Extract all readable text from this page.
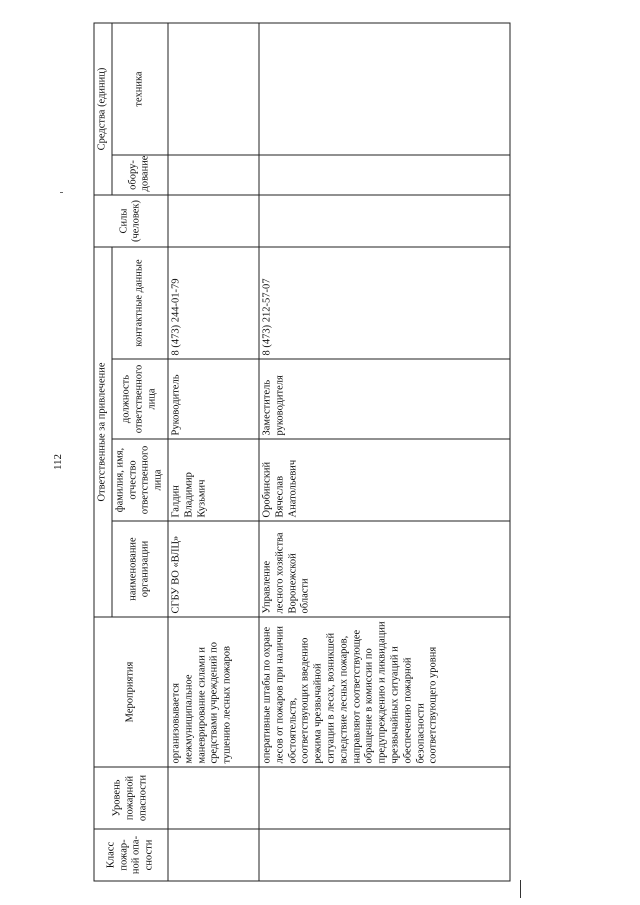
112
Класс пожар-ной опа-сности	Уровень пожарной опасности	Мероприятия	Ответственные за привлечение				Силы (человек)	Средства (единиц)	
			наименование организации	фамилия, имя, отчество ответственного лица	должность ответственного лица	контактные данные		обору-дование	техника
		организовывается межмуниципальное маневрирование силами и средствами учреждений по тушению лесных пожаров	СГБУ ВО «ВЛЦ»	Галдин Владимир Кузьмич	Руководитель	8 (473) 244-01-79			
		оперативные штабы по охране лесов от пожаров при наличии обстоятельств, соответствующих введению режима чрезвычайной ситуации в лесах, возникшей вследствие лесных пожаров, направляют соответствующее обращение в комиссии по предупреждению и ликвидации чрезвычайных ситуаций и обеспечению пожарной безопасности соответствующего уровня	Управление лесного хозяйства Воронежской области	Оробинский Вячеслав Анатольевич	Заместитель руководителя	8 (473) 212-57-07			
